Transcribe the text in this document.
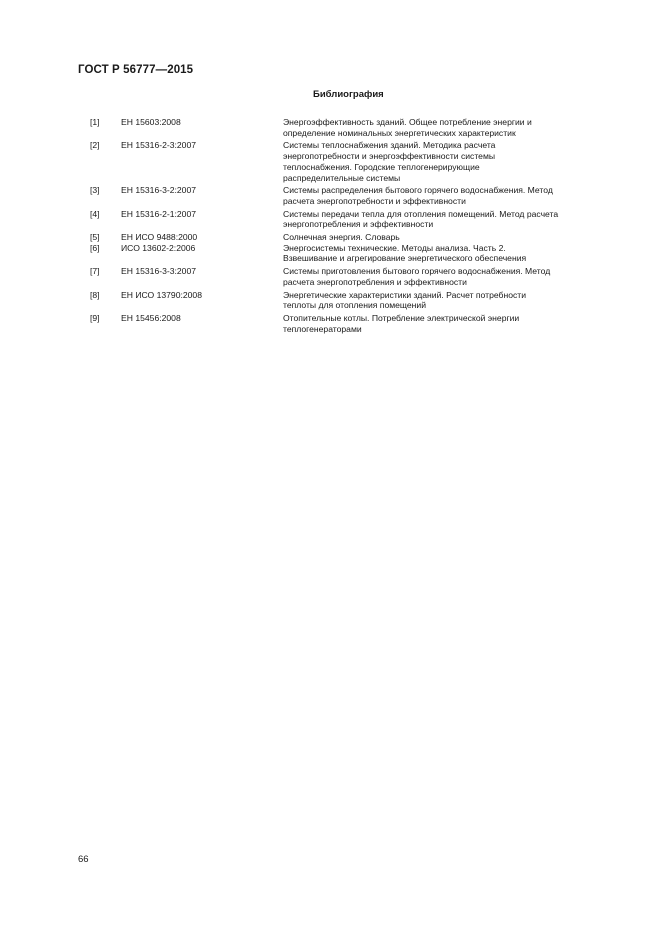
ГОСТ Р 56777—2015
Библиография
[1]	ЕН 15603:2008	Энергоэффективность зданий. Общее потребление энергии и
определение номинальных энергетических характеристик
[2]	ЕН 15316-2-3:2007	Системы теплоснабжения зданий. Методика расчета
энергопотребности и энергоэффективности системы
теплоснабжения. Городские теплогенерирующие
распределительные системы
[3]	ЕН 15316-3-2:2007	Системы распределения бытового горячего водоснабжения. Метод
расчета энергопотребности и эффективности
[4]	ЕН 15316-2-1:2007	Системы передачи тепла для отопления помещений. Метод расчета
энергопотребления и эффективности
[5]	ЕН ИСО 9488:2000	Солнечная энергия. Словарь
[6]	ИСО 13602-2:2006	Энергосистемы технические. Методы анализа. Часть 2.
Взвешивание и агрегирование энергетического обеспечения
[7]	ЕН 15316-3-3:2007	Системы приготовления бытового горячего водоснабжения. Метод
расчета энергопотребления и эффективности
[8]	ЕН ИСО 13790:2008	Энергетические характеристики зданий. Расчет потребности
теплоты для отопления помещений
[9]	ЕН 15456:2008	Отопительные котлы. Потребление электрической энергии
теплогенераторами
66
